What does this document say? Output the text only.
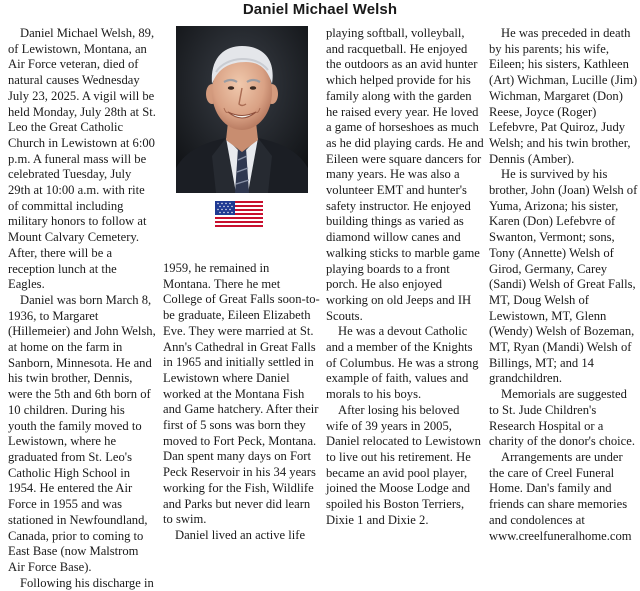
Daniel Michael Welsh

Daniel Michael Welsh, 89, of Lewistown, Montana, an Air Force veteran, died of natural causes Wednesday July 23, 2025. A vigil will be held Monday, July 28th at St. Leo the Great Catholic Church in Lewistown at 6:00 p.m. A funeral mass will be celebrated Tuesday, July 29th at 10:00 a.m. with rite of committal including military honors to follow at Mount Calvary Cemetery. After, there will be a reception lunch at the Eagles.

Daniel was born March 8, 1936, to Margaret (Hillemeier) and John Welsh, at home on the farm in Sanborn, Minnesota. He and his twin brother, Dennis, were the 5th and 6th born of 10 children. During his youth the family moved to Lewistown, where he graduated from St. Leo's Catholic High School in 1954. He entered the Air Force in 1955 and was stationed in Newfoundland, Canada, prior to coming to East Base (now Malstrom Air Force Base).

Following his discharge in

1959, he remained in Montana. There he met College of Great Falls soon-to-be graduate, Eileen Elizabeth Eve. They were married at St. Ann's Cathedral in Great Falls in 1965 and initially settled in Lewistown where Daniel worked at the Montana Fish and Game hatchery. After their first of 5 sons was born they moved to Fort Peck, Montana. Dan spent many days on Fort Peck Reservoir in his 34 years working for the Fish, Wildlife and Parks but never did learn to swim.

Daniel lived an active life

playing softball, volleyball, and racquetball. He enjoyed the outdoors as an avid hunter which helped provide for his family along with the garden he raised every year. He loved a game of horseshoes as much as he did playing cards. He and Eileen were square dancers for many years. He was also a volunteer EMT and hunter's safety instructor. He enjoyed building things as varied as diamond willow canes and walking sticks to marble game playing boards to a front porch. He also enjoyed working on old Jeeps and IH Scouts.

He was a devout Catholic and a member of the Knights of Columbus. He was a strong example of faith, values and morals to his boys.

After losing his beloved wife of 39 years in 2005, Daniel relocated to Lewistown to live out his retirement. He became an avid pool player, joined the Moose Lodge and spoiled his Boston Terriers, Dixie 1 and Dixie 2.

He was preceded in death by his parents; his wife, Eileen; his sisters, Kathleen (Art) Wichman, Lucille (Jim) Wichman, Margaret (Don) Reese, Joyce (Roger) Lefebvre, Pat Quiroz, Judy Welsh; and his twin brother, Dennis (Amber).

He is survived by his brother, John (Joan) Welsh of Yuma, Arizona; his sister, Karen (Don) Lefebvre of Swanton, Vermont; sons, Tony (Annette) Welsh of Girod, Germany, Carey (Sandi) Welsh of Great Falls, MT, Doug Welsh of Lewistown, MT, Glenn (Wendy) Welsh of Bozeman, MT, Ryan (Mandi) Welsh of Billings, MT; and 14 grandchildren.

Memorials are suggested to St. Jude Children's Research Hospital or a charity of the donor's choice.

Arrangements are under the care of Creel Funeral Home. Dan's family and friends can share memories and condolences at www.creelfuneralhome.com
